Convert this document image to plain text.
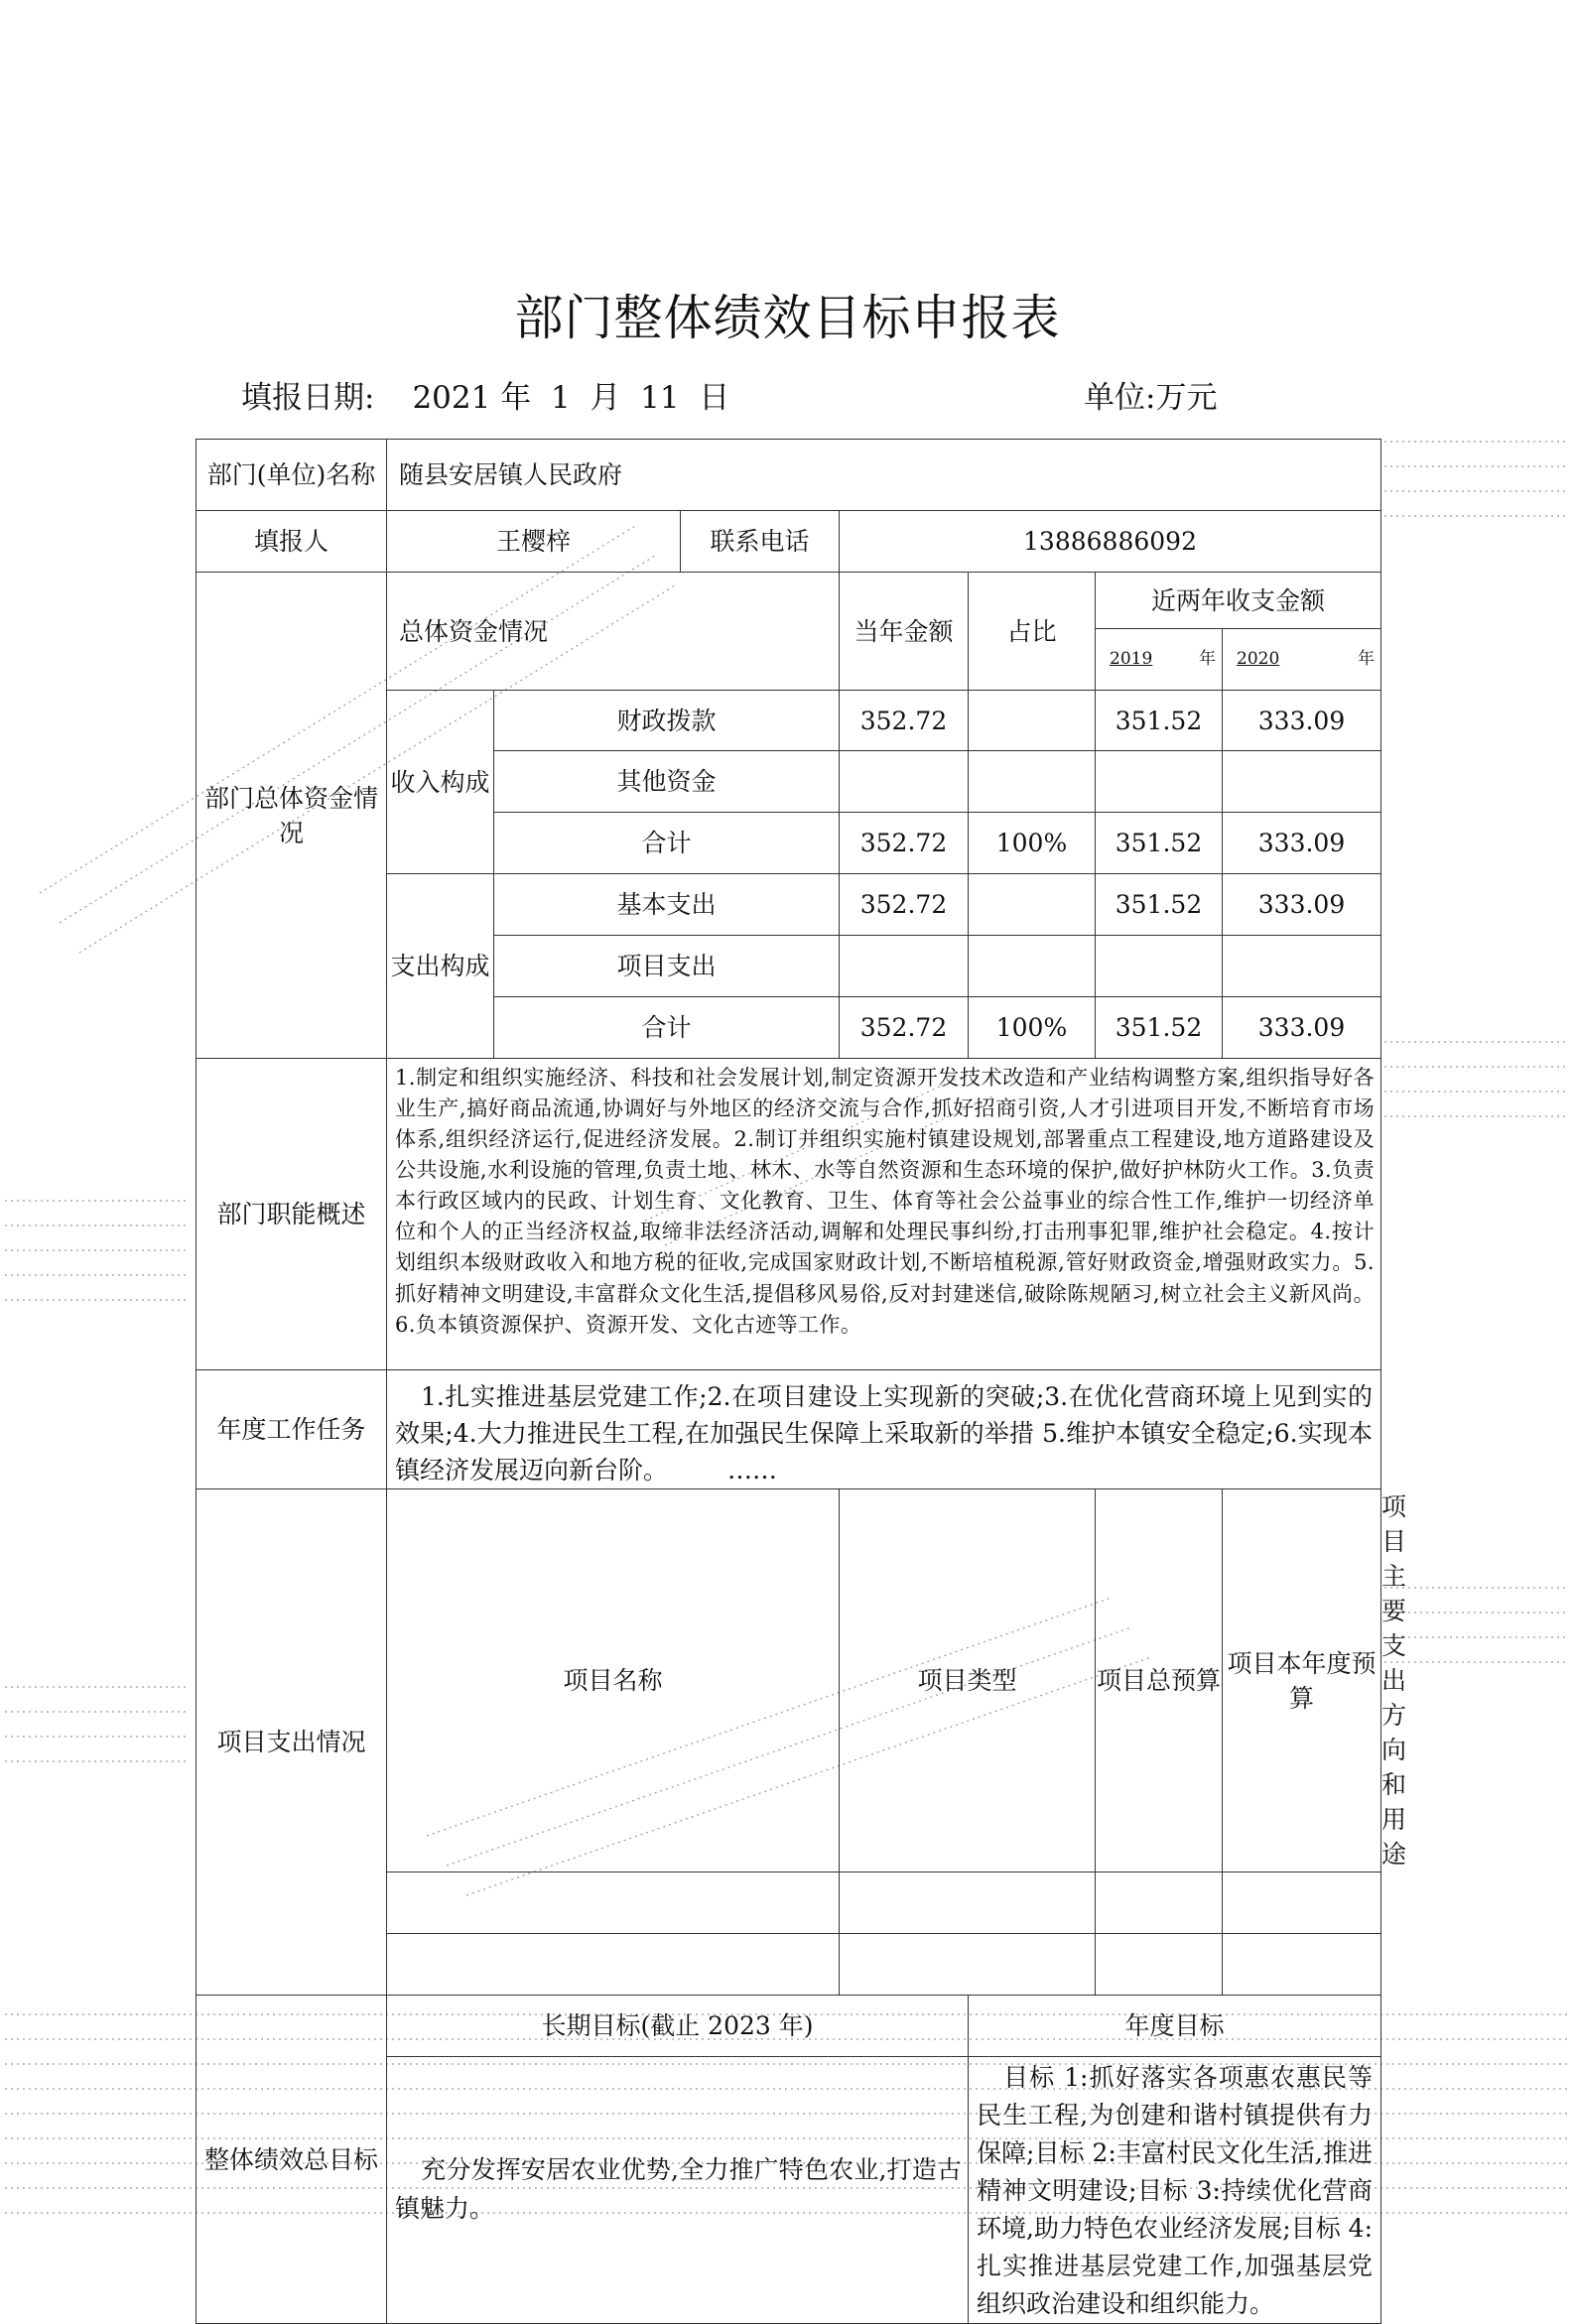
部门整体绩效目标申报表
填报日期: 2021 年 1 月 11 日	单位:万元
部门(单位)名称	随县安居镇人民政府							
填报人	王樱梓		联系电话	13886886092				
部门总体资金情况	总体资金情况			当年金额	占比	近两年收支金额		

						2019 年	2020 年	

	收入构成	财政拨款		352.72		351.52	333.09	
		其他资金						
		合计		352.72	100%	351.52	333.09	
	支出构成	基本支出		352.72		351.52	333.09	
		项目支出						
		合计		352.72	100%	351.52	333.09	
部门职能概述	1.制定和组织实施经济、科技和社会发展计划,制定资源开发技术改造和产业结构调整方案,组织指导好各业生产,搞好商品流通,协调好与外地区的经济交流与合作,抓好招商引资,人才引进项目开发,不断培育市场体系,组织经济运行,促进经济发展。2.制订并组织实施村镇建设规划,部署重点工程建设,地方道路建设及公共设施,水利设施的管理,负责土地、林木、水等自然资源和生态环境的保护,做好护林防火工作。3.负责本行政区域内的民政、计划生育、文化教育、卫生、体育等社会公益事业的综合性工作,维护一切经济单位和个人的正当经济权益,取缔非法经济活动,调解和处理民事纠纷,打击刑事犯罪,维护社会稳定。4.按计划组织本级财政收入和地方税的征收,完成国家财政计划,不断培植税源,管好财政资金,增强财政实力。5.抓好精神文明建设,丰富群众文化生活,提倡移风易俗,反对封建迷信,破除陈规陋习,树立社会主义新风尚。6.负本镇资源保护、资源开发、文化古迹等工作。							
年度工作任务	1.扎实推进基层党建工作;2.在项目建设上实现新的突破;3.在优化营商环境上见到实的效果;4.大力推进民生工程,在加强民生保障上采取新的举措 5.维护本镇安全稳定;6.实现本镇经济发展迈向新台阶。 ……							
项目支出情况	项目名称			项目类型		项目总预算	项目本年度预算	项目主要支出方向和用途

整体绩效总目标	长期目标(截止 2023 年)				年度目标			
	充分发挥安居农业优势,全力推广特色农业,打造古镇魅力。				目标 1:抓好落实各项惠农惠民等民生工程,为创建和谐村镇提供有力保障;目标 2:丰富村民文化生活,推进精神文明建设;目标 3:持续优化营商环境,助力特色农业经济发展;目标 4:扎实推进基层党建工作,加强基层党组织政治建设和组织能力。			
